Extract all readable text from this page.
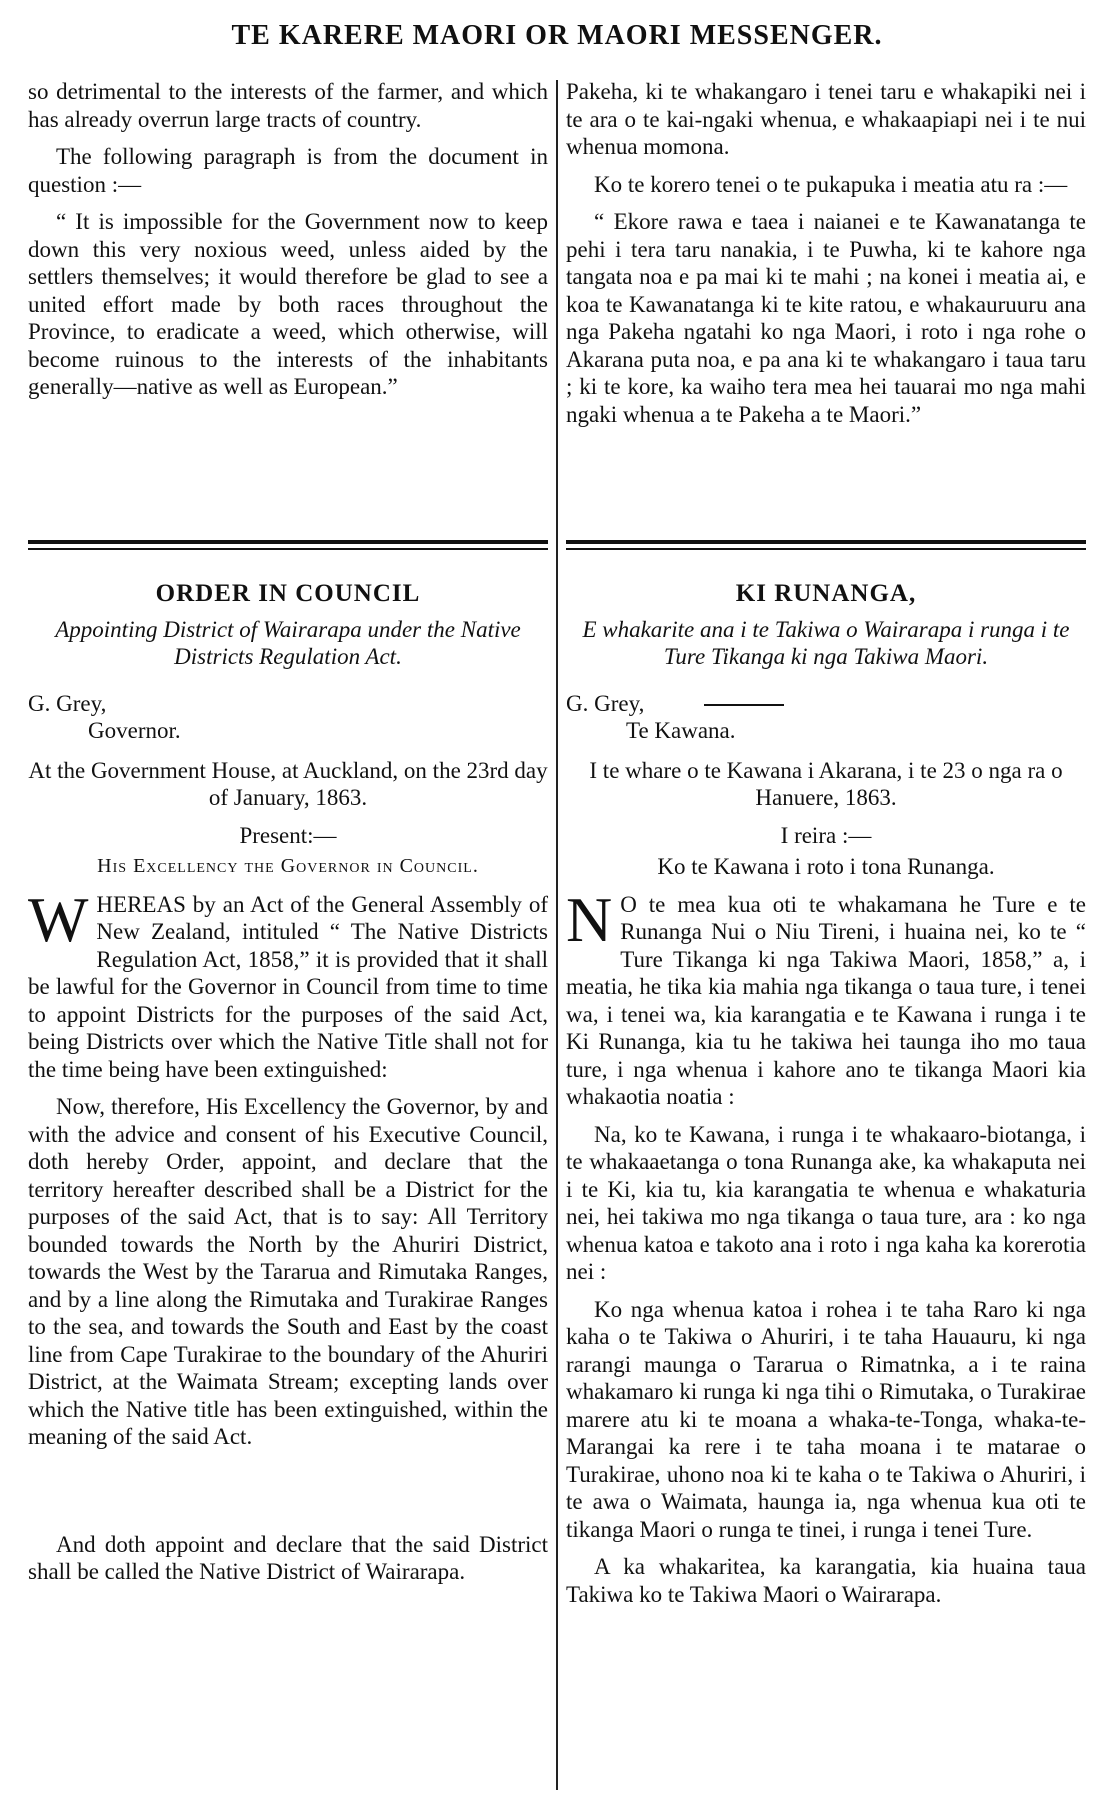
TE KARERE MAORI OR MAORI MESSENGER.

so detrimental to the interests of the farmer, and which has already overrun large tracts of country.

The following paragraph is from the document in question :—

“ It is impossible for the Government now to keep down this very noxious weed, unless aided by the settlers themselves; it would therefore be glad to see a united effort made by both races throughout the Province, to eradicate a weed, which otherwise, will become ruinous to the interests of the inhabitants generally—native as well as European.”

Pakeha, ki te whakangaro i tenei taru e whakapiki nei i te ara o te kai-ngaki whenua, e whakaapiapi nei i te nui whenua momona.

Ko te korero tenei o te pukapuka i meatia atu ra :—

“ Ekore rawa e taea i naianei e te Kawanatanga te pehi i tera taru nanakia, i te Puwha, ki te kahore nga tangata noa e pa mai ki te mahi ; na konei i meatia ai, e koa te Kawanatanga ki te kite ratou, e whakauruuru ana nga Pakeha ngatahi ko nga Maori, i roto i nga rohe o Akarana puta noa, e pa ana ki te whakangaro i taua taru ; ki te kore, ka waiho tera mea hei tauarai mo nga mahi ngaki whenua a te Pakeha a te Maori.”

ORDER IN COUNCIL
Appointing District of Wairarapa under the Native Districts Regulation Act.

G. Grey,

Governor.

At the Government House, at Auckland, on the 23rd day of January, 1863.

Present:—

His Excellency the Governor in Council.

WHEREAS by an Act of the General Assembly of New Zealand, intituled “ The Native Districts Regulation Act, 1858,” it is provided that it shall be lawful for the Governor in Council from time to time to appoint Districts for the purposes of the said Act, being Districts over which the Native Title shall not for the time being have been extinguished:

Now, therefore, His Excellency the Governor, by and with the advice and consent of his Executive Council, doth hereby Order, appoint, and declare that the territory hereafter described shall be a District for the purposes of the said Act, that is to say: All Territory bounded towards the North by the Ahuriri District, towards the West by the Tararua and Rimutaka Ranges, and by a line along the Rimutaka and Turakirae Ranges to the sea, and towards the South and East by the coast line from Cape Turakirae to the boundary of the Ahuriri District, at the Waimata Stream; excepting lands over which the Native title has been extinguished, within the meaning of the said Act.

And doth appoint and declare that the said District shall be called the Native District of Wairarapa.

KI RUNANGA,
E whakarite ana i te Takiwa o Wairarapa i runga i te Ture Tikanga ki nga Takiwa Maori.

G. Grey,

Te Kawana.

I te whare o te Kawana i Akarana, i te 23 o nga ra o Hanuere, 1863.

I reira :—

Ko te Kawana i roto i tona Runanga.

N O te mea kua oti te whakamana he Ture e te Runanga Nui o Niu Tireni, i huaina nei, ko te “ Ture Tikanga ki nga Takiwa Maori, 1858,” a, i meatia, he tika kia mahia nga tikanga o taua ture, i tenei wa, i tenei wa, kia karangatia e te Kawana i runga i te Ki Runanga, kia tu he takiwa hei taunga iho mo taua ture, i nga whenua i kahore ano te tikanga Maori kia whakaotia noatia :

Na, ko te Kawana, i runga i te whakaaro-biotanga, i te whakaaetanga o tona Runanga ake, ka whakaputa nei i te Ki, kia tu, kia karangatia te whenua e whakaturia nei, hei takiwa mo nga tikanga o taua ture, ara : ko nga whenua katoa e takoto ana i roto i nga kaha ka korerotia nei :

Ko nga whenua katoa i rohea i te taha Raro ki nga kaha o te Takiwa o Ahuriri, i te taha Hauauru, ki nga rarangi maunga o Tararua o Rimatnka, a i te raina whakamaro ki runga ki nga tihi o Rimutaka, o Turakirae marere atu ki te moana a whaka-te-Tonga, whaka-te-Marangai ka rere i te taha moana i te matarae o Turakirae, uhono noa ki te kaha o te Takiwa o Ahuriri, i te awa o Waimata, haunga ia, nga whenua kua oti te tikanga Maori o runga te tinei, i runga i tenei Ture.

A ka whakaritea, ka karangatia, kia huaina taua Takiwa ko te Takiwa Maori o Wairarapa.
